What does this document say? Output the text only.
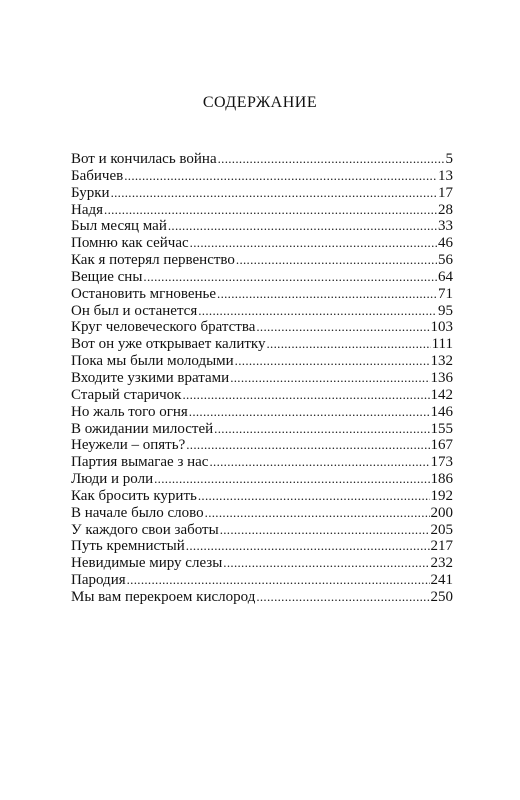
СОДЕРЖАНИЕ
Вот и кончилась война .....	5
Бабичев .....	13
Бурки .....	17
Надя .....	28
Был месяц май .....	33
Помню как сейчас .....	46
Как я потерял первенство .....	56
Вещие сны .....	64
Остановить мгновенье .....	71
Он был и останется .....	95
Круг человеческого братства .....	103
Вот он уже открывает калитку .....	111
Пока мы были молодыми .....	132
Входите узкими вратами .....	136
Старый старичок .....	142
Но жаль того огня .....	146
В ожидании милостей .....	155
Неужели – опять? .....	167
Партия вымагае з нас .....	173
Люди и роли .....	186
Как бросить курить .....	192
В начале было слово .....	200
У каждого свои заботы .....	205
Путь кремнистый .....	217
Невидимые миру слезы .....	232
Пародия .....	241
Мы вам перекроем кислород .....	250
